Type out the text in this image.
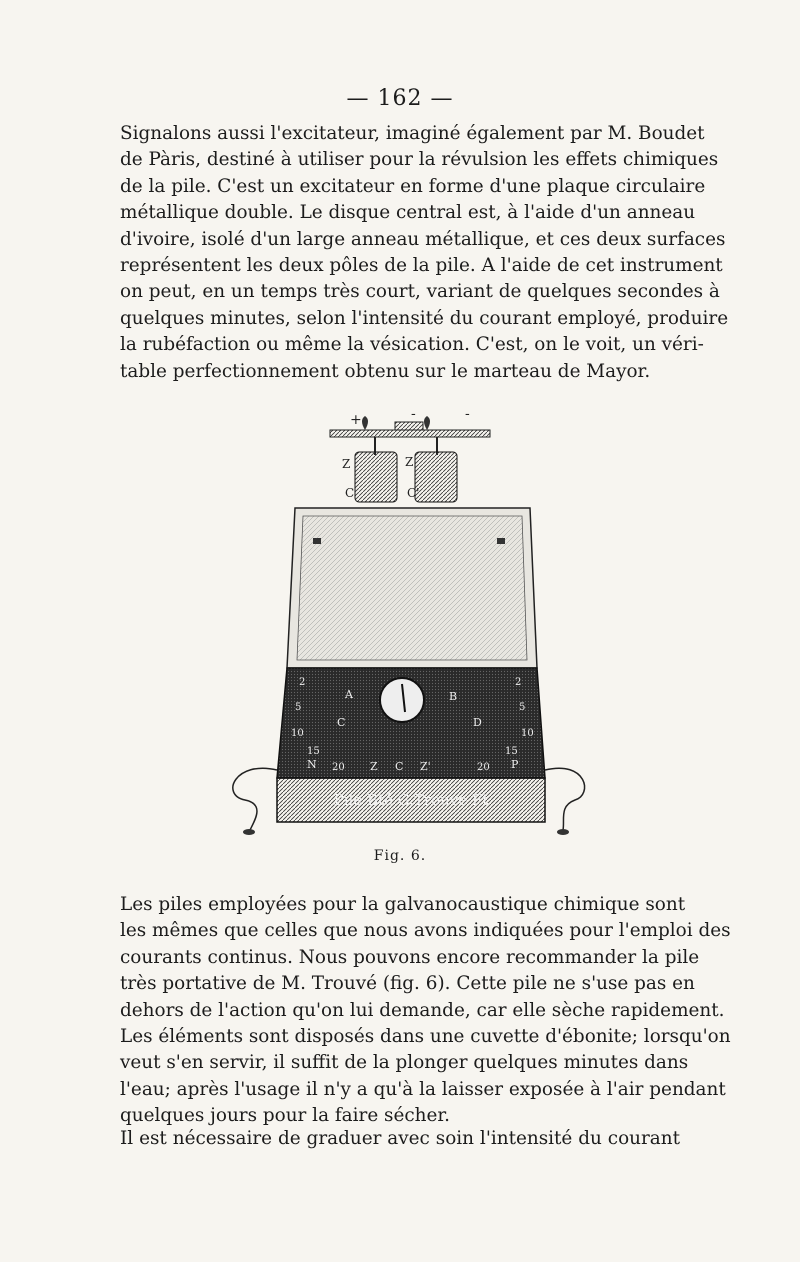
— 162 —
Signalons aussi l'excitateur, imaginé également par M. Boudet
de Pàris, destiné à utiliser pour la révulsion les effets chimiques
de la pile. C'est un excitateur en forme d'une plaque circulaire
métallique double. Le disque central est, à l'aide d'un anneau
d'ivoire, isolé d'un large anneau métallique, et ces deux surfaces
représentent les deux pôles de la pile. A l'aide de cet instrument
on peut, en un temps très court, variant de quelques secondes à
quelques minutes, selon l'intensité du courant employé, produire
la rubéfaction ou même la vésication. C'est, on le voit, un véri-
table perfectionnement obtenu sur le marteau de Mayor.
+	-	-
Z	Z'
C	C'
A	B
C	D
N	P
Z C Z'
2
5
10
15
20
2
5
10
15
20
Pile Bté G.Trouvé Ft
Fig. 6.
Les piles employées pour la galvanocaustique chimique sont
les mêmes que celles que nous avons indiquées pour l'emploi des
courants continus. Nous pouvons encore recommander la pile
très portative de M. Trouvé (fig. 6). Cette pile ne s'use pas en
dehors de l'action qu'on lui demande, car elle sèche rapidement.
Les éléments sont disposés dans une cuvette d'ébonite; lorsqu'on
veut s'en servir, il suffit de la plonger quelques minutes dans
l'eau; après l'usage il n'y a qu'à la laisser exposée à l'air pendant
quelques jours pour la faire sécher.
Il est nécessaire de graduer avec soin l'intensité du courant
